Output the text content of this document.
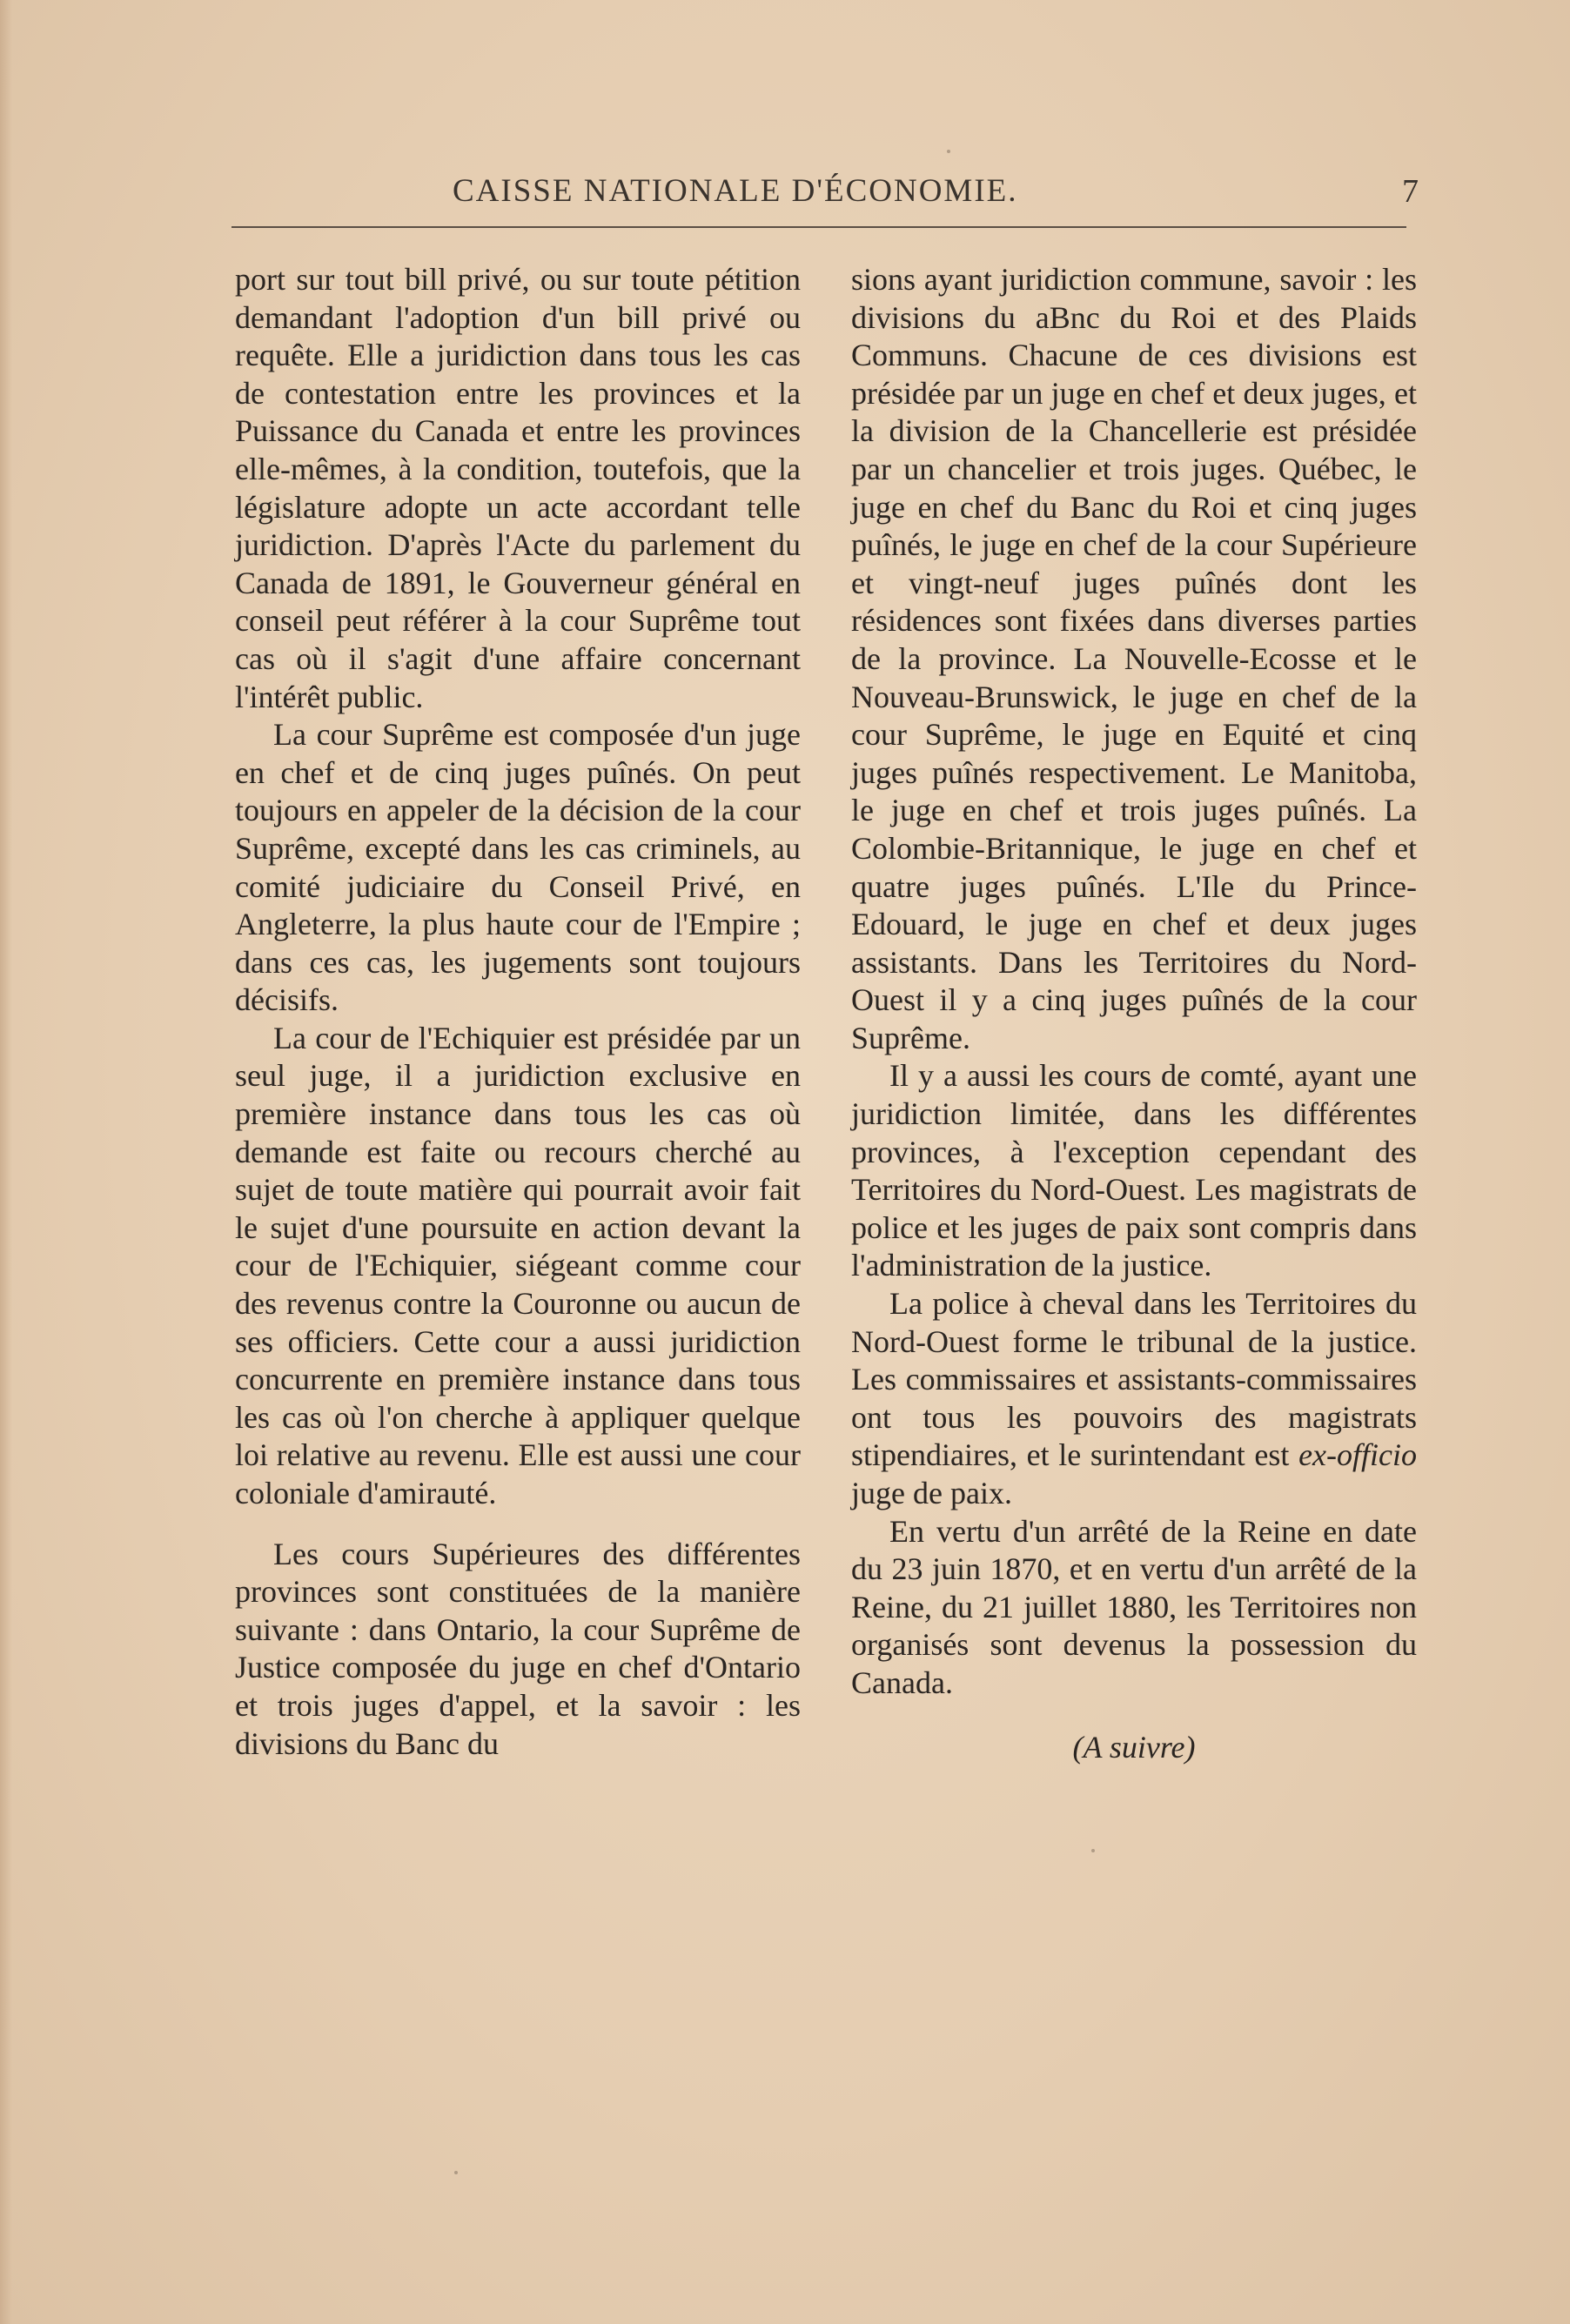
CAISSE NATIONALE D'ÉCONOMIE.	7

port sur tout bill privé, ou sur toute pétition demandant l'adoption d'un bill privé ou requête. Elle a juridiction dans tous les cas de contestation entre les provinces et la Puissance du Canada et entre les provinces elle-mêmes, à la condition, toutefois, que la législature adopte un acte accordant telle juridiction. D'après l'Acte du parlement du Canada de 1891, le Gouverneur général en conseil peut référer à la cour Suprême tout cas où il s'agit d'une affaire concernant l'intérêt public.

La cour Suprême est composée d'un juge en chef et de cinq juges puînés. On peut toujours en appeler de la décision de la cour Suprême, excepté dans les cas criminels, au comité judiciaire du Conseil Privé, en Angleterre, la plus haute cour de l'Empire ; dans ces cas, les jugements sont toujours décisifs.

La cour de l'Echiquier est présidée par un seul juge, il a juridiction exclusive en première instance dans tous les cas où demande est faite ou recours cherché au sujet de toute matière qui pourrait avoir fait le sujet d'une poursuite en action devant la cour de l'Echiquier, siégeant comme cour des revenus contre la Couronne ou aucun de ses officiers. Cette cour a aussi juridiction concurrente en première instance dans tous les cas où l'on cherche à appliquer quelque loi relative au revenu. Elle est aussi une cour coloniale d'amirauté.

Les cours Supérieures des différentes provinces sont constituées de la manière suivante : dans Ontario, la cour Suprême de Justice composée du juge en chef d'Ontario et trois juges d'appel, et la savoir : les divisions du Banc du

sions ayant juridiction commune, savoir : les divisions du aBnc du Roi et des Plaids Communs. Chacune de ces divisions est présidée par un juge en chef et deux juges, et la division de la Chancellerie est présidée par un chancelier et trois juges. Québec, le juge en chef du Banc du Roi et cinq juges puînés, le juge en chef de la cour Supérieure et vingt-neuf juges puînés dont les résidences sont fixées dans diverses parties de la province. La Nouvelle-Ecosse et le Nouveau-Brunswick, le juge en chef de la cour Suprême, le juge en Equité et cinq juges puînés respectivement. Le Manitoba, le juge en chef et trois juges puînés. La Colombie-Britannique, le juge en chef et quatre juges puînés. L'Ile du Prince-Edouard, le juge en chef et deux juges assistants. Dans les Territoires du Nord-Ouest il y a cinq juges puînés de la cour Suprême.

Il y a aussi les cours de comté, ayant une juridiction limitée, dans les différentes provinces, à l'exception cependant des Territoires du Nord-Ouest. Les magistrats de police et les juges de paix sont compris dans l'administration de la justice.

La police à cheval dans les Territoires du Nord-Ouest forme le tribunal de la justice. Les commissaires et assistants-commissaires ont tous les pouvoirs des magistrats stipendiaires, et le surintendant est ex-officio juge de paix.

En vertu d'un arrêté de la Reine en date du 23 juin 1870, et en vertu d'un arrêté de la Reine, du 21 juillet 1880, les Territoires non organisés sont devenus la possession du Canada.

(A suivre)
